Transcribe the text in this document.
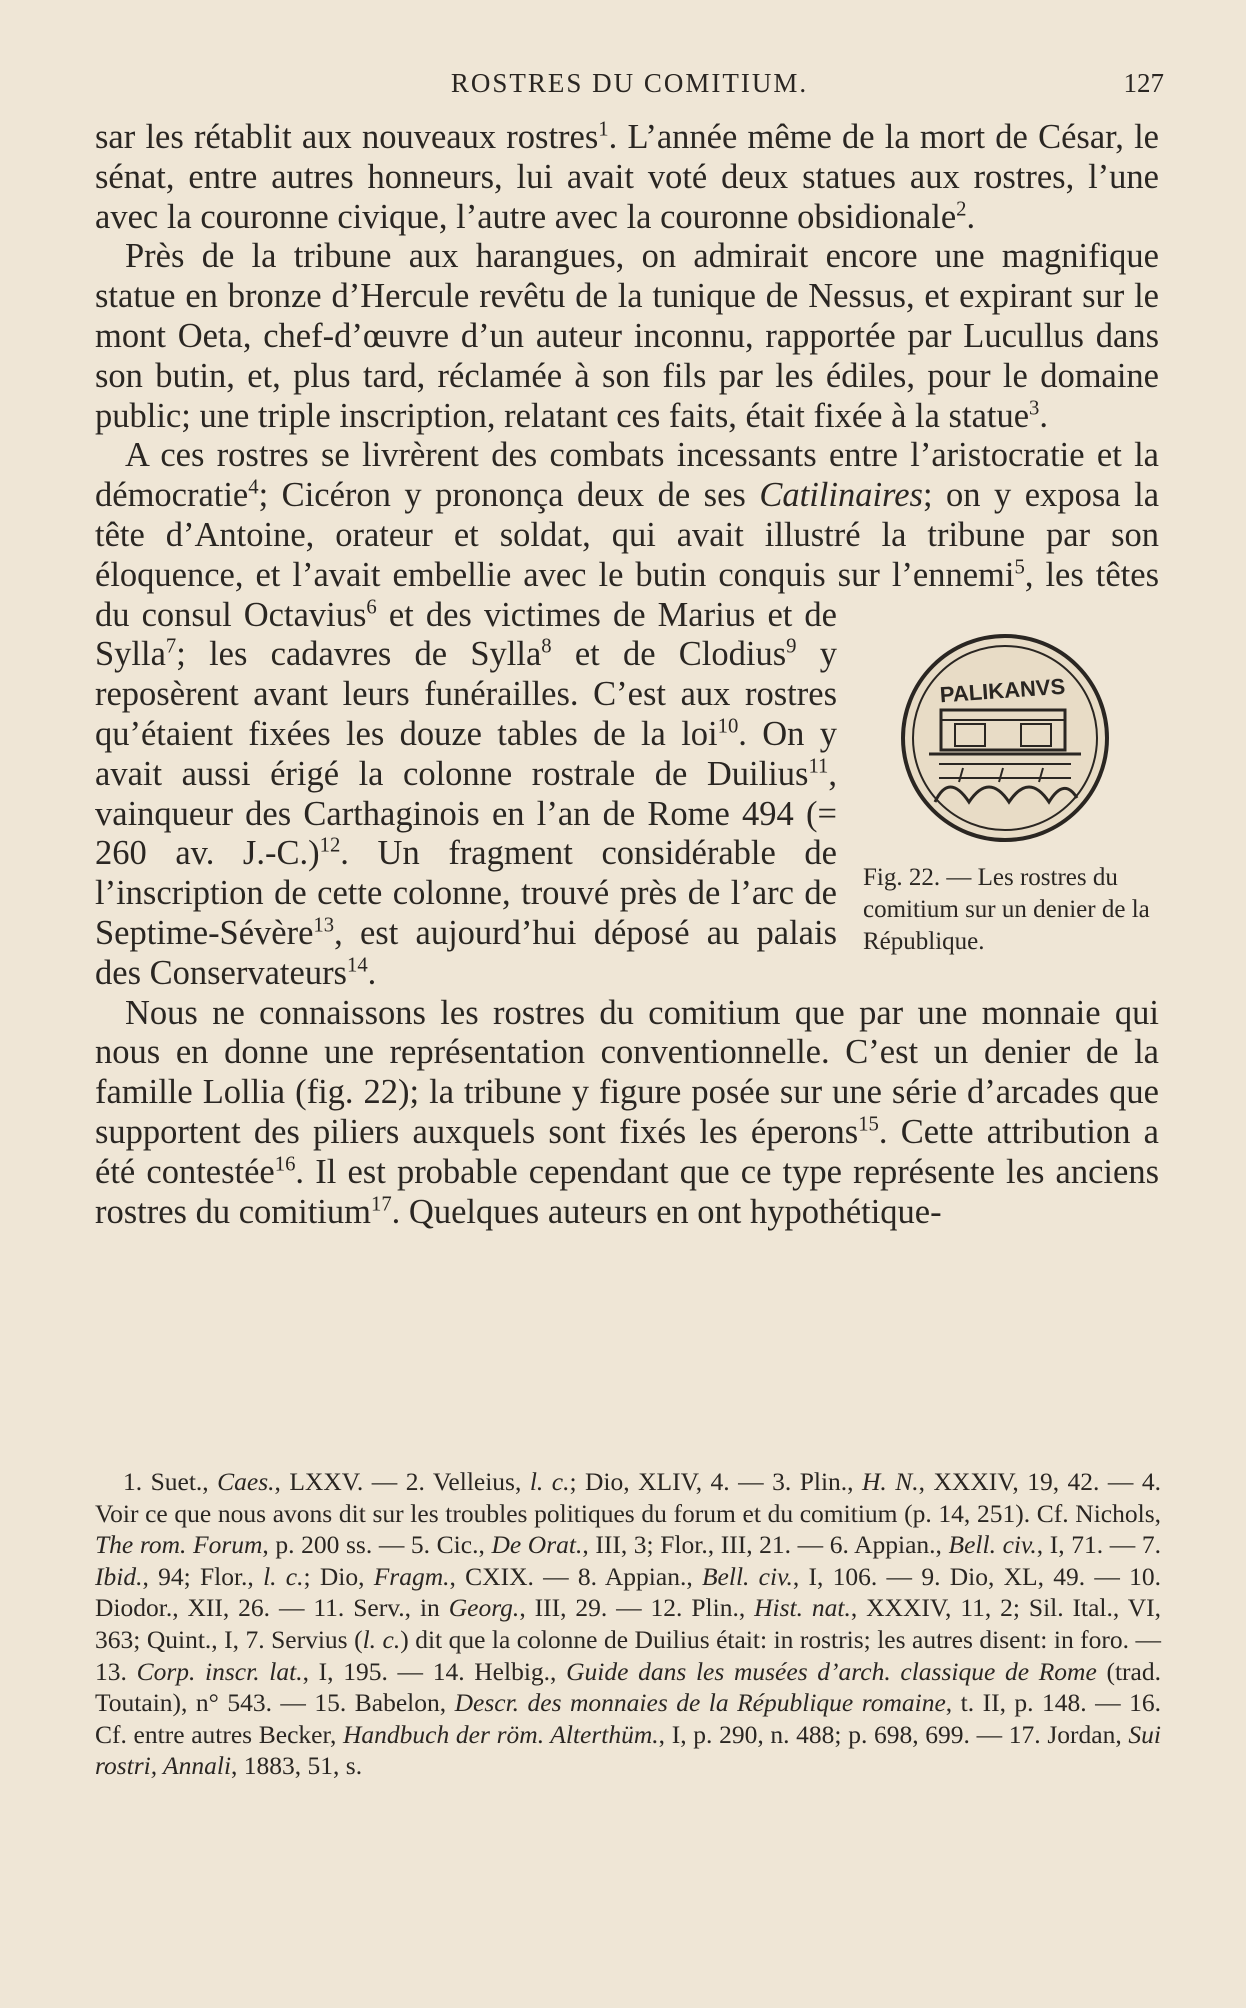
ROSTRES DU COMITIUM.	127

sar les rétablit aux nouveaux rostres$^1$. L’année même de la mort de César, le sénat, entre autres honneurs, lui avait voté deux statues aux rostres, l’une avec la couronne civique, l’autre avec la couronne obsidionale$^2$.

Près de la tribune aux harangues, on admirait encore une magnifique statue en bronze d’Hercule revêtu de la tunique de Nessus, et expirant sur le mont Oeta, chef-d’œuvre d’un auteur inconnu, rapportée par Lucullus dans son butin, et, plus tard, réclamée à son fils par les édiles, pour le domaine public; une triple inscription, relatant ces faits, était fixée à la statue$^3$.

A ces rostres se livrèrent des combats incessants entre l’aristocratie et la démocratie$^4$; Cicéron y prononça deux de ses Catilinaires; on y exposa la tête d’Antoine, orateur et soldat, qui avait illustré la tribune par son éloquence, et l’avait embellie avec le butin conquis sur l’ennemi$^5$
PALIKANVS
Fig. 22. — Les rostres du comitium sur un denier de la République.
, les têtes du consul Octavius$^6$ et des victimes de Marius et de Sylla$^7$; les cadavres de Sylla$^8$ et de Clodius$^9$ y reposèrent avant leurs funérailles. C’est aux rostres qu’étaient fixées les douze tables de la loi$^{10}$. On y avait aussi érigé la colonne rostrale de Duilius$^{11}$, vainqueur des Carthaginois en l’an de Rome 494 (= 260 av. J.-C.)$^{12}$. Un fragment considérable de l’inscription de cette colonne, trouvé près de l’arc de Septime-Sévère$^{13}$, est aujourd’hui déposé au palais des Conservateurs$^{14}$.

Nous ne connaissons les rostres du comitium que par une monnaie qui nous en donne une représentation conventionnelle. C’est un denier de la famille Lollia (fig. 22); la tribune y figure posée sur une série d’arcades que supportent des piliers auxquels sont fixés les éperons$^{15}$. Cette attribution a été contestée$^{16}$. Il est probable cependant que ce type représente les anciens rostres du comitium$^{17}$. Quelques auteurs en ont hypothétique-

1. Suet., Caes., LXXV. — 2. Velleius, l. c.; Dio, XLIV, 4. — 3. Plin., H. N., XXXIV, 19, 42. — 4. Voir ce que nous avons dit sur les troubles politiques du forum et du comitium (p. 14, 251). Cf. Nichols, The rom. Forum, p. 200 ss. — 5. Cic., De Orat., III, 3; Flor., III, 21. — 6. Appian., Bell. civ., I, 71. — 7. Ibid., 94; Flor., l. c.; Dio, Fragm., CXIX. — 8. Appian., Bell. civ., I, 106. — 9. Dio, XL, 49. — 10. Diodor., XII, 26. — 11. Serv., in Georg., III, 29. — 12. Plin., Hist. nat., XXXIV, 11, 2; Sil. Ital., VI, 363; Quint., I, 7. Servius (l. c.) dit que la colonne de Duilius était: in rostris; les autres disent: in foro. — 13. Corp. inscr. lat., I, 195. — 14. Helbig., Guide dans les musées d’arch. classique de Rome (trad. Toutain), n° 543. — 15. Babelon, Descr. des monnaies de la République romaine, t. II, p. 148. — 16. Cf. entre autres Becker, Handbuch der röm. Alterthüm., I, p. 290, n. 488; p. 698, 699. — 17. Jordan, Sui rostri, Annali, 1883, 51, s.
